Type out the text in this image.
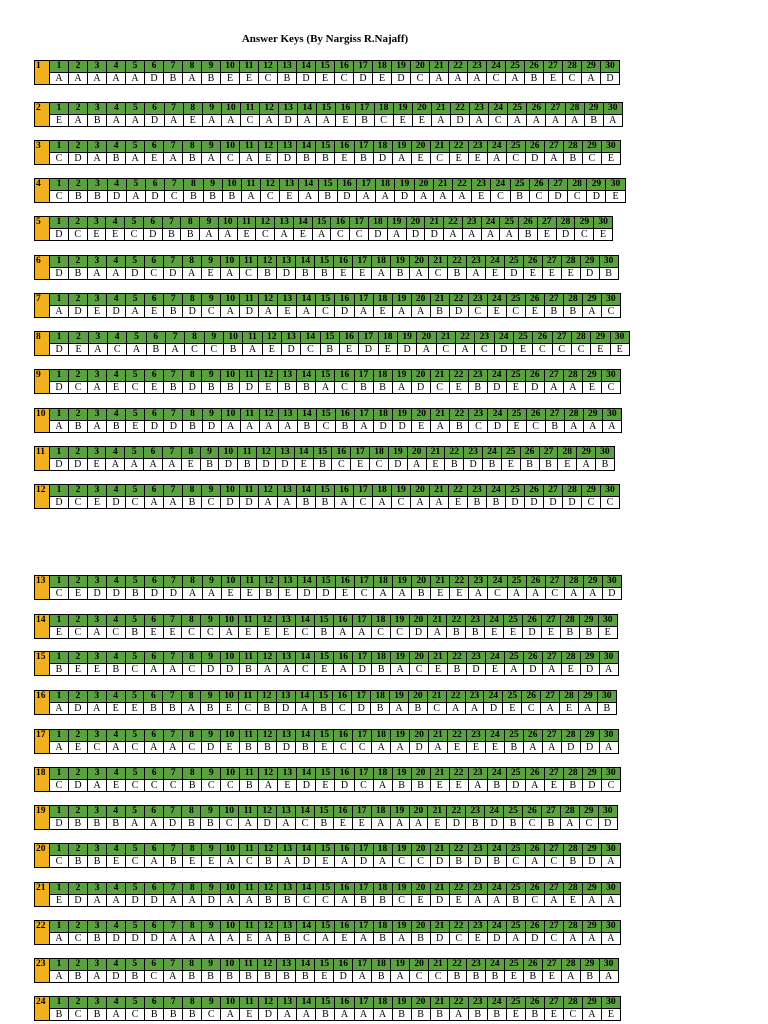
Answer Keys (By Nargiss R.Najaff)
1	1	2	3	4	5	6	7	8	9	10	11	12	13	14	15	16	17	18	19	20	21	22	23	24	25	26	27	28	29	30
	A	A	A	A	A	D	B	A	B	E	E	C	B	D	E	C	D	E	D	C	A	A	A	C	A	B	E	C	A	D
2	1	2	3	4	5	6	7	8	9	10	11	12	13	14	15	16	17	18	19	20	21	22	23	24	25	26	27	28	29	30
	E	A	B	A	A	D	A	E	A	A	C	A	D	A	A	E	B	C	E	E	A	D	A	C	A	A	A	A	B	A
3	1	2	3	4	5	6	7	8	9	10	11	12	13	14	15	16	17	18	19	20	21	22	23	24	25	26	27	28	29	30
	C	D	A	B	A	E	A	B	A	C	A	E	D	B	B	E	B	D	A	E	C	E	E	A	C	D	A	B	C	E
4	1	2	3	4	5	6	7	8	9	10	11	12	13	14	15	16	17	18	19	20	21	22	23	24	25	26	27	28	29	30
	C	B	B	D	A	D	C	B	B	B	A	C	E	A	B	D	A	A	D	A	A	A	E	C	B	C	D	C	D	E
5	1	2	3	4	5	6	7	8	9	10	11	12	13	14	15	16	17	18	19	20	21	22	23	24	25	26	27	28	29	30
	D	C	E	E	C	D	B	B	A	A	E	C	A	E	A	C	C	D	A	D	D	A	A	A	A	B	E	D	C	E
6	1	2	3	4	5	6	7	8	9	10	11	12	13	14	15	16	17	18	19	20	21	22	23	24	25	26	27	28	29	30
	D	B	A	A	D	C	D	A	E	A	C	B	D	B	B	E	E	A	B	A	C	B	A	E	D	E	E	E	D	B
7	1	2	3	4	5	6	7	8	9	10	11	12	13	14	15	16	17	18	19	20	21	22	23	24	25	26	27	28	29	30
	A	D	E	D	A	E	B	D	C	A	D	A	E	A	C	D	A	E	A	A	B	D	C	E	C	E	B	B	A	C
8	1	2	3	4	5	6	7	8	9	10	11	12	13	14	15	16	17	18	19	20	21	22	23	24	25	26	27	28	29	30
	D	E	A	C	A	B	A	C	C	B	A	E	D	C	B	E	D	E	D	A	C	A	C	D	E	C	C	C	E	E
9	1	2	3	4	5	6	7	8	9	10	11	12	13	14	15	16	17	18	19	20	21	22	23	24	25	26	27	28	29	30
	D	C	A	E	C	E	B	D	B	B	D	E	B	B	A	C	B	B	A	D	C	E	B	D	E	D	A	A	E	C
10	1	2	3	4	5	6	7	8	9	10	11	12	13	14	15	16	17	18	19	20	21	22	23	24	25	26	27	28	29	30
	A	B	A	B	E	D	D	B	D	A	A	A	A	B	C	B	A	D	D	E	A	B	C	D	E	C	B	A	A	A
11	1	2	3	4	5	6	7	8	9	10	11	12	13	14	15	16	17	18	19	20	21	22	23	24	25	26	27	28	29	30
	D	D	E	A	A	A	A	E	B	D	B	D	D	E	B	C	E	C	D	A	E	B	D	B	E	B	B	E	A	B
12	1	2	3	4	5	6	7	8	9	10	11	12	13	14	15	16	17	18	19	20	21	22	23	24	25	26	27	28	29	30
	D	C	E	D	C	A	A	B	C	D	D	A	A	B	B	A	C	A	C	A	A	E	B	B	D	D	D	D	C	C
13	1	2	3	4	5	6	7	8	9	10	11	12	13	14	15	16	17	18	19	20	21	22	23	24	25	26	27	28	29	30
	C	E	D	D	B	D	D	A	A	E	E	B	E	D	D	E	C	A	A	B	E	E	A	C	A	A	C	A	A	D
14	1	2	3	4	5	6	7	8	9	10	11	12	13	14	15	16	17	18	19	20	21	22	23	24	25	26	27	28	29	30
	E	C	A	C	B	E	E	C	C	A	E	E	E	C	B	A	A	C	C	D	A	B	B	E	E	D	E	B	B	E
15	1	2	3	4	5	6	7	8	9	10	11	12	13	14	15	16	17	18	19	20	21	22	23	24	25	26	27	28	29	30
	B	E	E	B	C	A	A	C	D	D	B	A	A	C	E	A	D	B	A	C	E	B	D	E	A	D	A	E	D	A
16	1	2	3	4	5	6	7	8	9	10	11	12	13	14	15	16	17	18	19	20	21	22	23	24	25	26	27	28	29	30
	A	D	A	E	E	B	B	A	B	E	C	B	D	A	B	C	D	B	A	B	C	A	A	D	E	C	A	E	A	B
17	1	2	3	4	5	6	7	8	9	10	11	12	13	14	15	16	17	18	19	20	21	22	23	24	25	26	27	28	29	30
	A	E	C	A	C	A	A	C	D	E	B	B	D	B	E	C	C	A	A	D	A	E	E	E	B	A	A	D	D	A
18	1	2	3	4	5	6	7	8	9	10	11	12	13	14	15	16	17	18	19	20	21	22	23	24	25	26	27	28	29	30
	C	D	A	E	C	C	C	B	C	C	B	A	E	D	E	D	C	A	B	B	E	E	A	B	D	A	E	B	D	C
19	1	2	3	4	5	6	7	8	9	10	11	12	13	14	15	16	17	18	19	20	21	22	23	24	25	26	27	28	29	30
	D	B	B	B	A	A	D	B	B	C	A	D	A	C	B	E	E	A	A	A	E	D	B	D	B	C	B	A	C	D
20	1	2	3	4	5	6	7	8	9	10	11	12	13	14	15	16	17	18	19	20	21	22	23	24	25	26	27	28	29	30
	C	B	B	E	C	A	B	E	E	A	C	B	A	D	E	A	D	A	C	C	D	B	D	B	C	A	C	B	D	A
21	1	2	3	4	5	6	7	8	9	10	11	12	13	14	15	16	17	18	19	20	21	22	23	24	25	26	27	28	29	30
	E	D	A	A	D	D	A	A	D	A	A	B	B	C	C	A	B	B	C	E	D	E	A	A	B	C	A	E	A	A
22	1	2	3	4	5	6	7	8	9	10	11	12	13	14	15	16	17	18	19	20	21	22	23	24	25	26	27	28	29	30
	A	C	B	D	D	D	A	A	A	A	E	A	B	C	A	E	A	B	A	B	D	C	E	D	A	D	C	A	A	A
23	1	2	3	4	5	6	7	8	9	10	11	12	13	14	15	16	17	18	19	20	21	22	23	24	25	26	27	28	29	30
	A	B	A	D	B	C	A	B	B	B	B	B	B	B	E	D	A	B	A	C	C	B	B	B	E	B	E	A	B	A
24	1	2	3	4	5	6	7	8	9	10	11	12	13	14	15	16	17	18	19	20	21	22	23	24	25	26	27	28	29	30
	B	C	B	A	C	B	B	B	C	A	E	D	A	A	B	A	A	A	B	B	B	A	B	B	E	B	E	C	A	E
